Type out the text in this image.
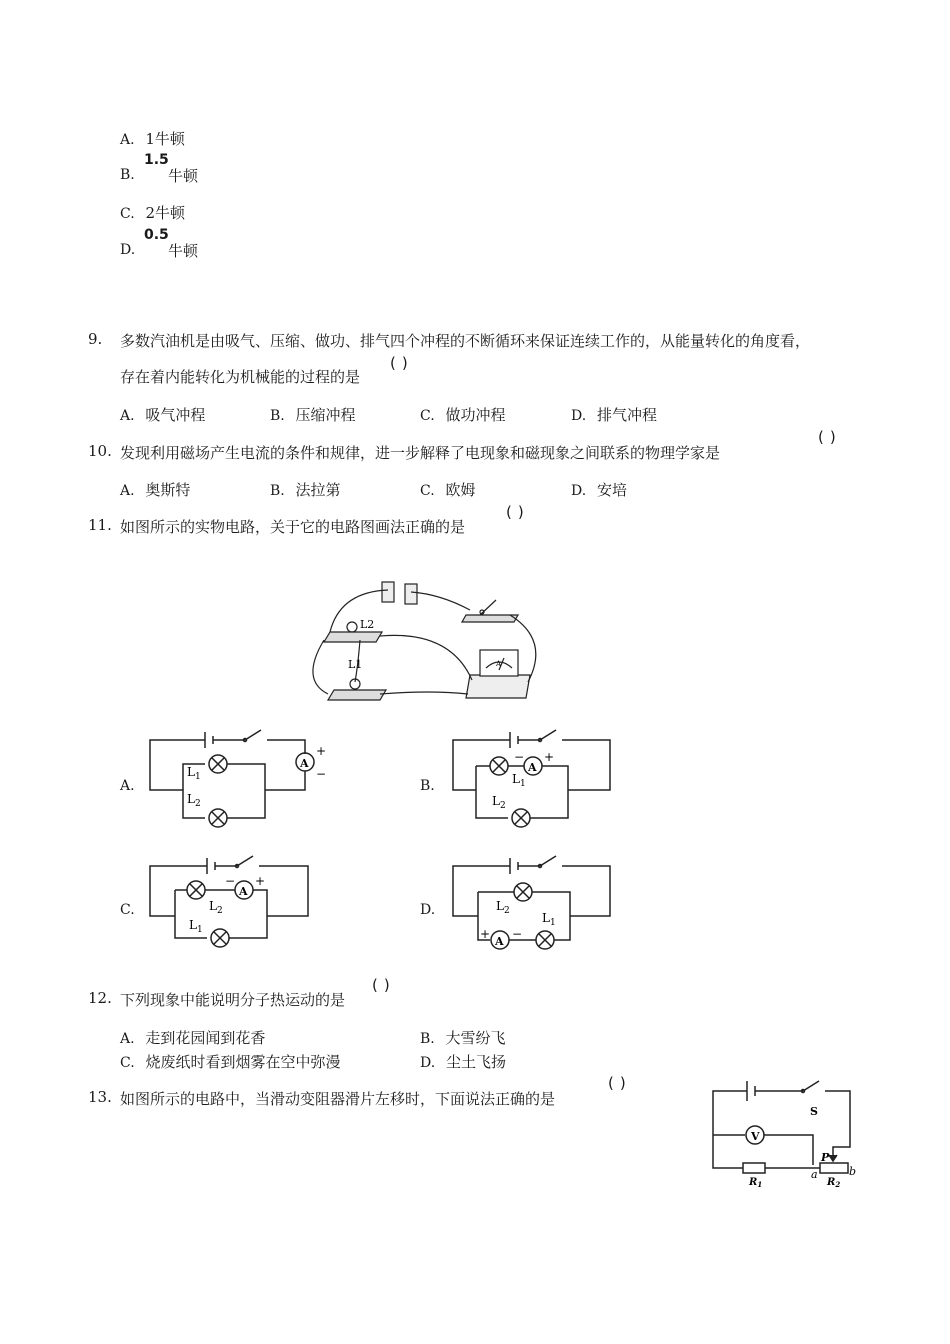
A. 1牛顿
B.
1.5
牛顿
C. 2牛顿
D.
0.5
牛顿
9. 多数汽油机是由吸气、压缩、做功、排气四个冲程的不断循环来保证连续工作的，从能量转化的角度看，
存在着内能转化为机械能的过程的是
()
A. 吸气冲程	B. 压缩冲程	C. 做功冲程	D. 排气冲程
10. 发现利用磁场产生电流的条件和规律，进一步解释了电现象和磁现象之间联系的物理学家是
()
A. 奥斯特	B. 法拉第	C. 欧姆	D. 安培
11. 如图所示的实物电路，关于它的电路图画法正确的是
()
L2
L1	A
A.	B.
C.	D.
A
+
−
$L_1$
$L_2$
A
− +
$L_1$
$L_2$
A
− +
$L_2$
$L_1$
A
+ −
$L_2$	$L_1$
12. 下列现象中能说明分子热运动的是
()
A. 走到花园闻到花香	B. 大雪纷飞
C. 烧废纸时看到烟雾在空中弥漫	D. 尘土飞扬
13. 如图所示的电路中，当滑动变阻器滑片左移时，下面说法正确的是
()
S
V
P
a	b
$R_1$	$R_2$
